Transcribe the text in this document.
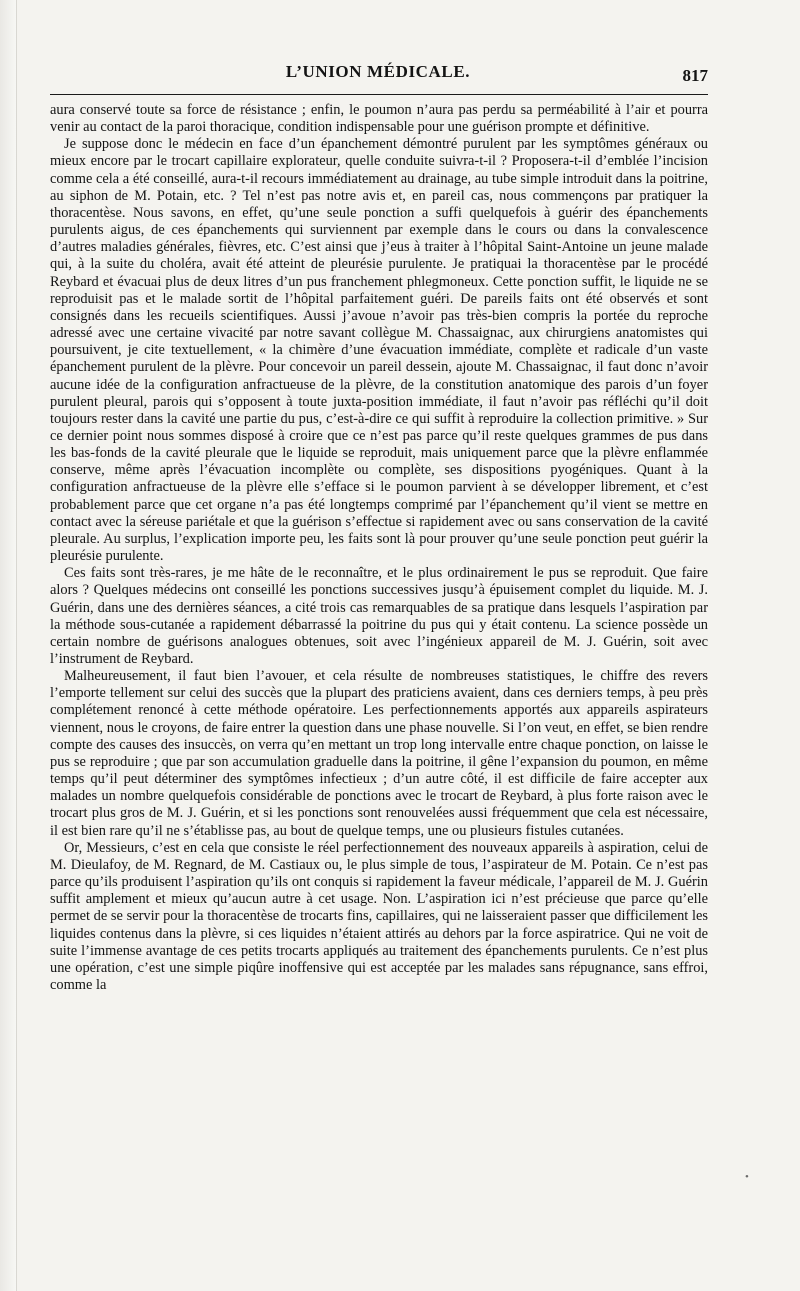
L’UNION MÉDICALE.	817

aura conservé toute sa force de résistance ; enfin, le poumon n’aura pas perdu sa perméabilité à l’air et pourra venir au contact de la paroi thoracique, condition indispensable pour une guérison prompte et définitive.

Je suppose donc le médecin en face d’un épanchement démontré purulent par les symptômes généraux ou mieux encore par le trocart capillaire explorateur, quelle conduite suivra-t-il ? Proposera-t-il d’emblée l’incision comme cela a été conseillé, aura-t-il recours immédiatement au drainage, au tube simple introduit dans la poitrine, au siphon de M. Potain, etc. ? Tel n’est pas notre avis et, en pareil cas, nous commençons par pratiquer la thoracentèse. Nous savons, en effet, qu’une seule ponction a suffi quelquefois à guérir des épanchements purulents aigus, de ces épanchements qui surviennent par exemple dans le cours ou dans la convalescence d’autres maladies générales, fièvres, etc. C’est ainsi que j’eus à traiter à l’hôpital Saint-Antoine un jeune malade qui, à la suite du choléra, avait été atteint de pleurésie purulente. Je pratiquai la thoracentèse par le procédé Reybard et évacuai plus de deux litres d’un pus franchement phlegmoneux. Cette ponction suffit, le liquide ne se reproduisit pas et le malade sortit de l’hôpital parfaitement guéri. De pareils faits ont été observés et sont consignés dans les recueils scientifiques. Aussi j’avoue n’avoir pas très-bien compris la portée du reproche adressé avec une certaine vivacité par notre savant collègue M. Chassaignac, aux chirurgiens anatomistes qui poursuivent, je cite textuellement, « la chimère d’une évacuation immédiate, complète et radicale d’un vaste épanchement purulent de la plèvre. Pour concevoir un pareil dessein, ajoute M. Chassaignac, il faut donc n’avoir aucune idée de la configuration anfractueuse de la plèvre, de la constitution anatomique des parois d’un foyer purulent pleural, parois qui s’opposent à toute juxta-position immédiate, il faut n’avoir pas réfléchi qu’il doit toujours rester dans la cavité une partie du pus, c’est-à-dire ce qui suffit à reproduire la collection primitive. » Sur ce dernier point nous sommes disposé à croire que ce n’est pas parce qu’il reste quelques grammes de pus dans les bas-fonds de la cavité pleurale que le liquide se reproduit, mais uniquement parce que la plèvre enflammée conserve, même après l’évacuation incomplète ou complète, ses dispositions pyogéniques. Quant à la configuration anfractueuse de la plèvre elle s’efface si le poumon parvient à se développer librement, et c’est probablement parce que cet organe n’a pas été longtemps comprimé par l’épanchement qu’il vient se mettre en contact avec la séreuse pariétale et que la guérison s’effectue si rapidement avec ou sans conservation de la cavité pleurale. Au surplus, l’explication importe peu, les faits sont là pour prouver qu’une seule ponction peut guérir la pleurésie purulente.

Ces faits sont très-rares, je me hâte de le reconnaître, et le plus ordinairement le pus se reproduit. Que faire alors ? Quelques médecins ont conseillé les ponctions successives jusqu’à épuisement complet du liquide. M. J. Guérin, dans une des dernières séances, a cité trois cas remarquables de sa pratique dans lesquels l’aspiration par la méthode sous-cutanée a rapidement débarrassé la poitrine du pus qui y était contenu. La science possède un certain nombre de guérisons analogues obtenues, soit avec l’ingénieux appareil de M. J. Guérin, soit avec l’instrument de Reybard.

Malheureusement, il faut bien l’avouer, et cela résulte de nombreuses statistiques, le chiffre des revers l’emporte tellement sur celui des succès que la plupart des praticiens avaient, dans ces derniers temps, à peu près complétement renoncé à cette méthode opératoire. Les perfectionnements apportés aux appareils aspirateurs viennent, nous le croyons, de faire entrer la question dans une phase nouvelle. Si l’on veut, en effet, se bien rendre compte des causes des insuccès, on verra qu’en mettant un trop long intervalle entre chaque ponction, on laisse le pus se reproduire ; que par son accumulation graduelle dans la poitrine, il gêne l’expansion du poumon, en même temps qu’il peut déterminer des symptômes infectieux ; d’un autre côté, il est difficile de faire accepter aux malades un nombre quelquefois considérable de ponctions avec le trocart de Reybard, à plus forte raison avec le trocart plus gros de M. J. Guérin, et si les ponctions sont renouvelées aussi fréquemment que cela est nécessaire, il est bien rare qu’il ne s’établisse pas, au bout de quelque temps, une ou plusieurs fistules cutanées.

Or, Messieurs, c’est en cela que consiste le réel perfectionnement des nouveaux appareils à aspiration, celui de M. Dieulafoy, de M. Regnard, de M. Castiaux ou, le plus simple de tous, l’aspirateur de M. Potain. Ce n’est pas parce qu’ils produisent l’aspiration qu’ils ont conquis si rapidement la faveur médicale, l’appareil de M. J. Guérin suffit amplement et mieux qu’aucun autre à cet usage. Non. L’aspiration ici n’est précieuse que parce qu’elle permet de se servir pour la thoracentèse de trocarts fins, capillaires, qui ne laisseraient passer que difficilement les liquides contenus dans la plèvre, si ces liquides n’étaient attirés au dehors par la force aspiratrice. Qui ne voit de suite l’immense avantage de ces petits trocarts appliqués au traitement des épanchements purulents. Ce n’est plus une opération, c’est une simple piqûre inoffensive qui est acceptée par les malades sans répugnance, sans effroi, comme la

•
